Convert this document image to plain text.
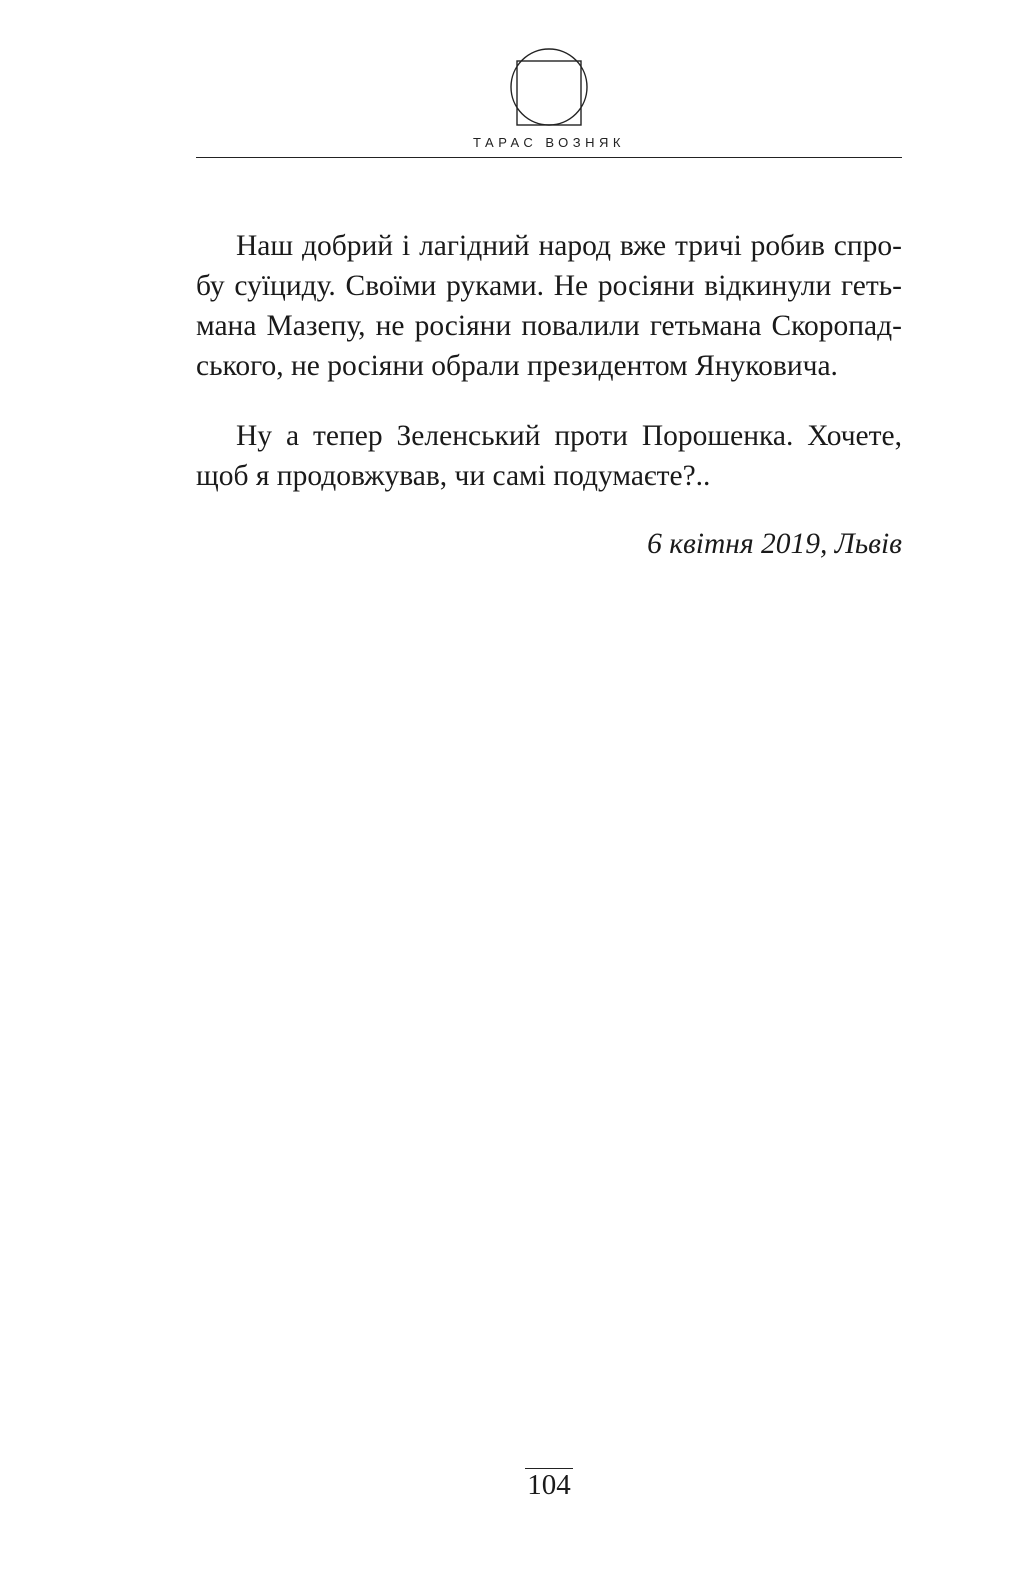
ТАРАС ВОЗНЯК

Наш добрий і лагідний народ вже тричі робив спробу суїциду. Своїми руками. Не росіяни відкинули гетьмана Мазепу, не росіяни повалили гетьмана Скоропадського, не росіяни обрали президентом Януковича.

Ну а тепер Зеленський проти Порошенка. Хочете, щоб я продовжував, чи самі подумаєте?..

6 квітня 2019, Львів

104
